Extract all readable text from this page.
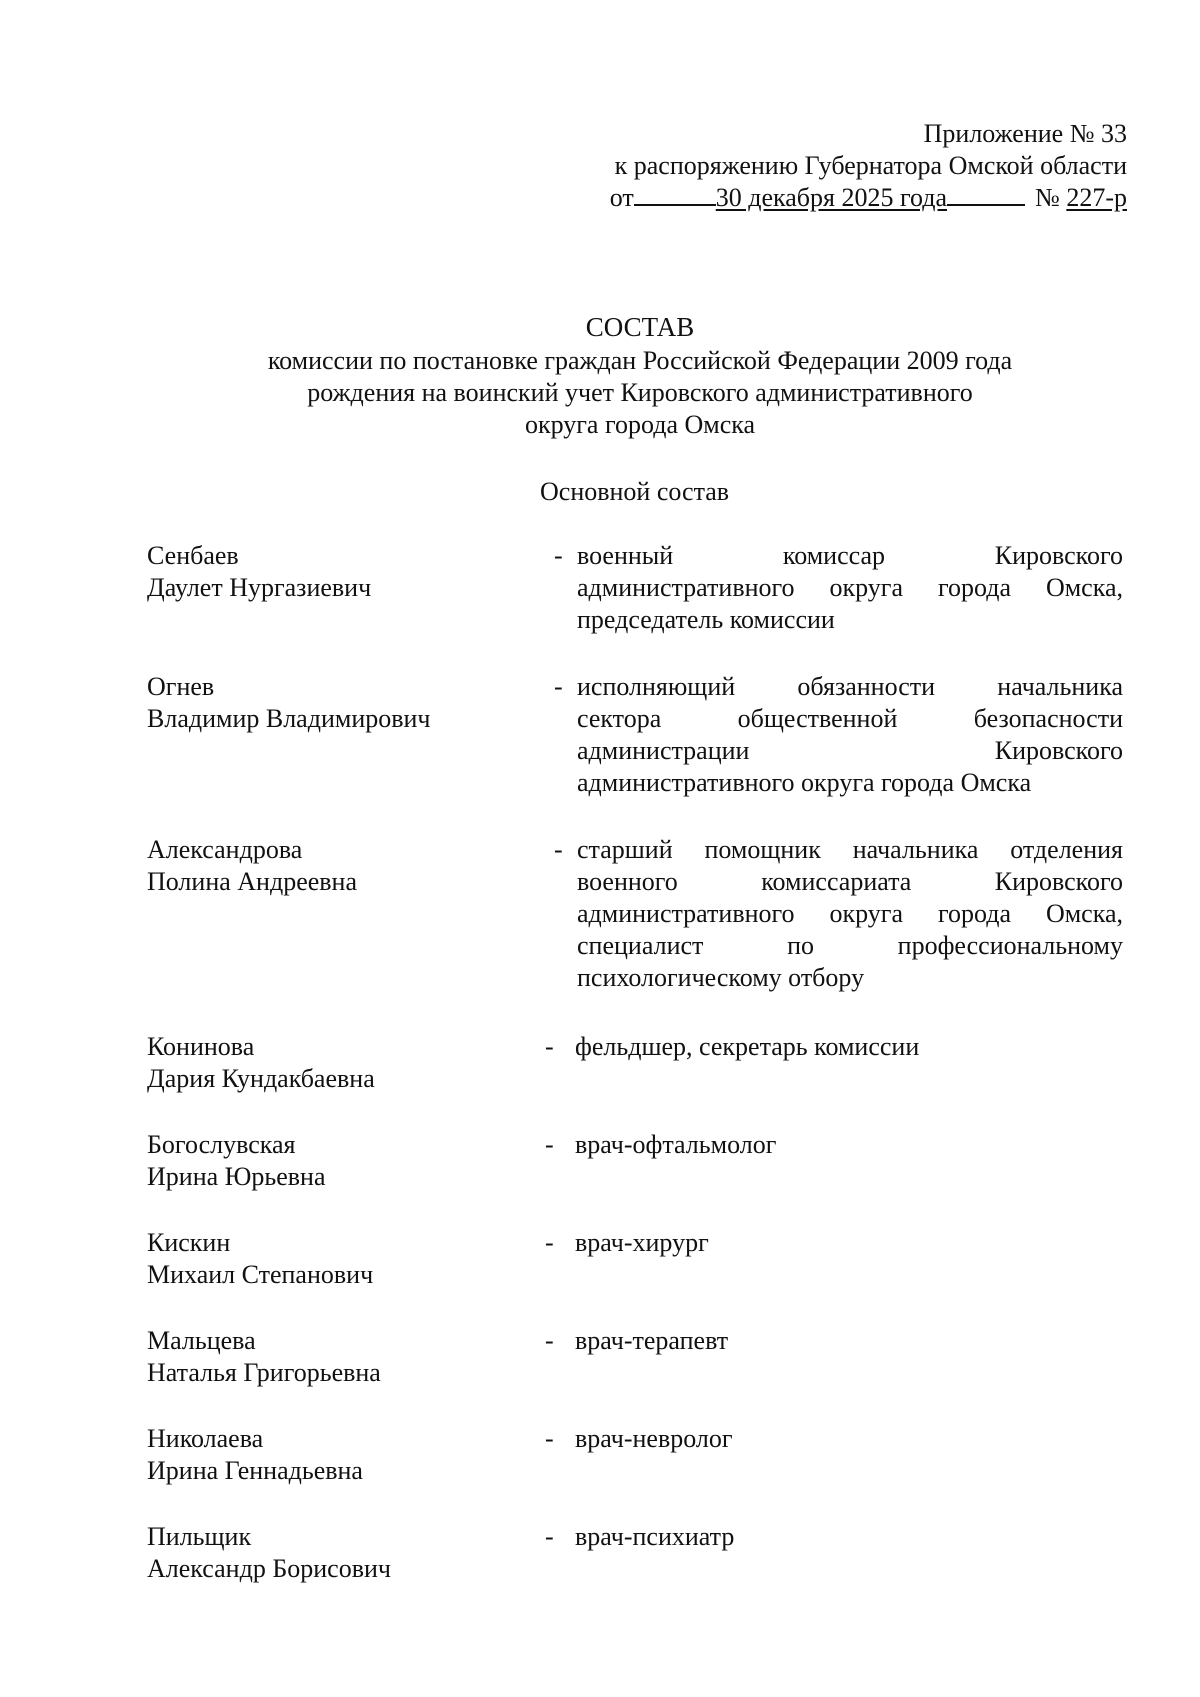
Приложение № 33
к распоряжению Губернатора Омской области
от	30 декабря 2025 года	№ 227-р
СОСТАВ
комиссии по постановке граждан Российской Федерации 2009 года
рождения на воинский учет Кировского административного
округа города Омска
Основной состав
Сенбаев
Даулет Нургазиевич
- военный комиссар Кировского
административного округа города Омска,
председатель комиссии
Огнев
Владимир Владимирович
- исполняющий обязанности начальника
сектора общественной безопасности
администрации Кировского
административного округа города Омска
Александрова
Полина Андреевна
- старший помощник начальника отделения
военного комиссариата Кировского
административного округа города Омска,
специалист по профессиональному
психологическому отбору
Конинова
Дария Кундакбаевна
- фельдшер, секретарь комиссии
Богослувская
Ирина Юрьевна
- врач-офтальмолог
Кискин
Михаил Степанович
- врач-хирург
Мальцева
Наталья Григорьевна
- врач-терапевт
Николаева
Ирина Геннадьевна
- врач-невролог
Пильщик
Александр Борисович
- врач-психиатр
